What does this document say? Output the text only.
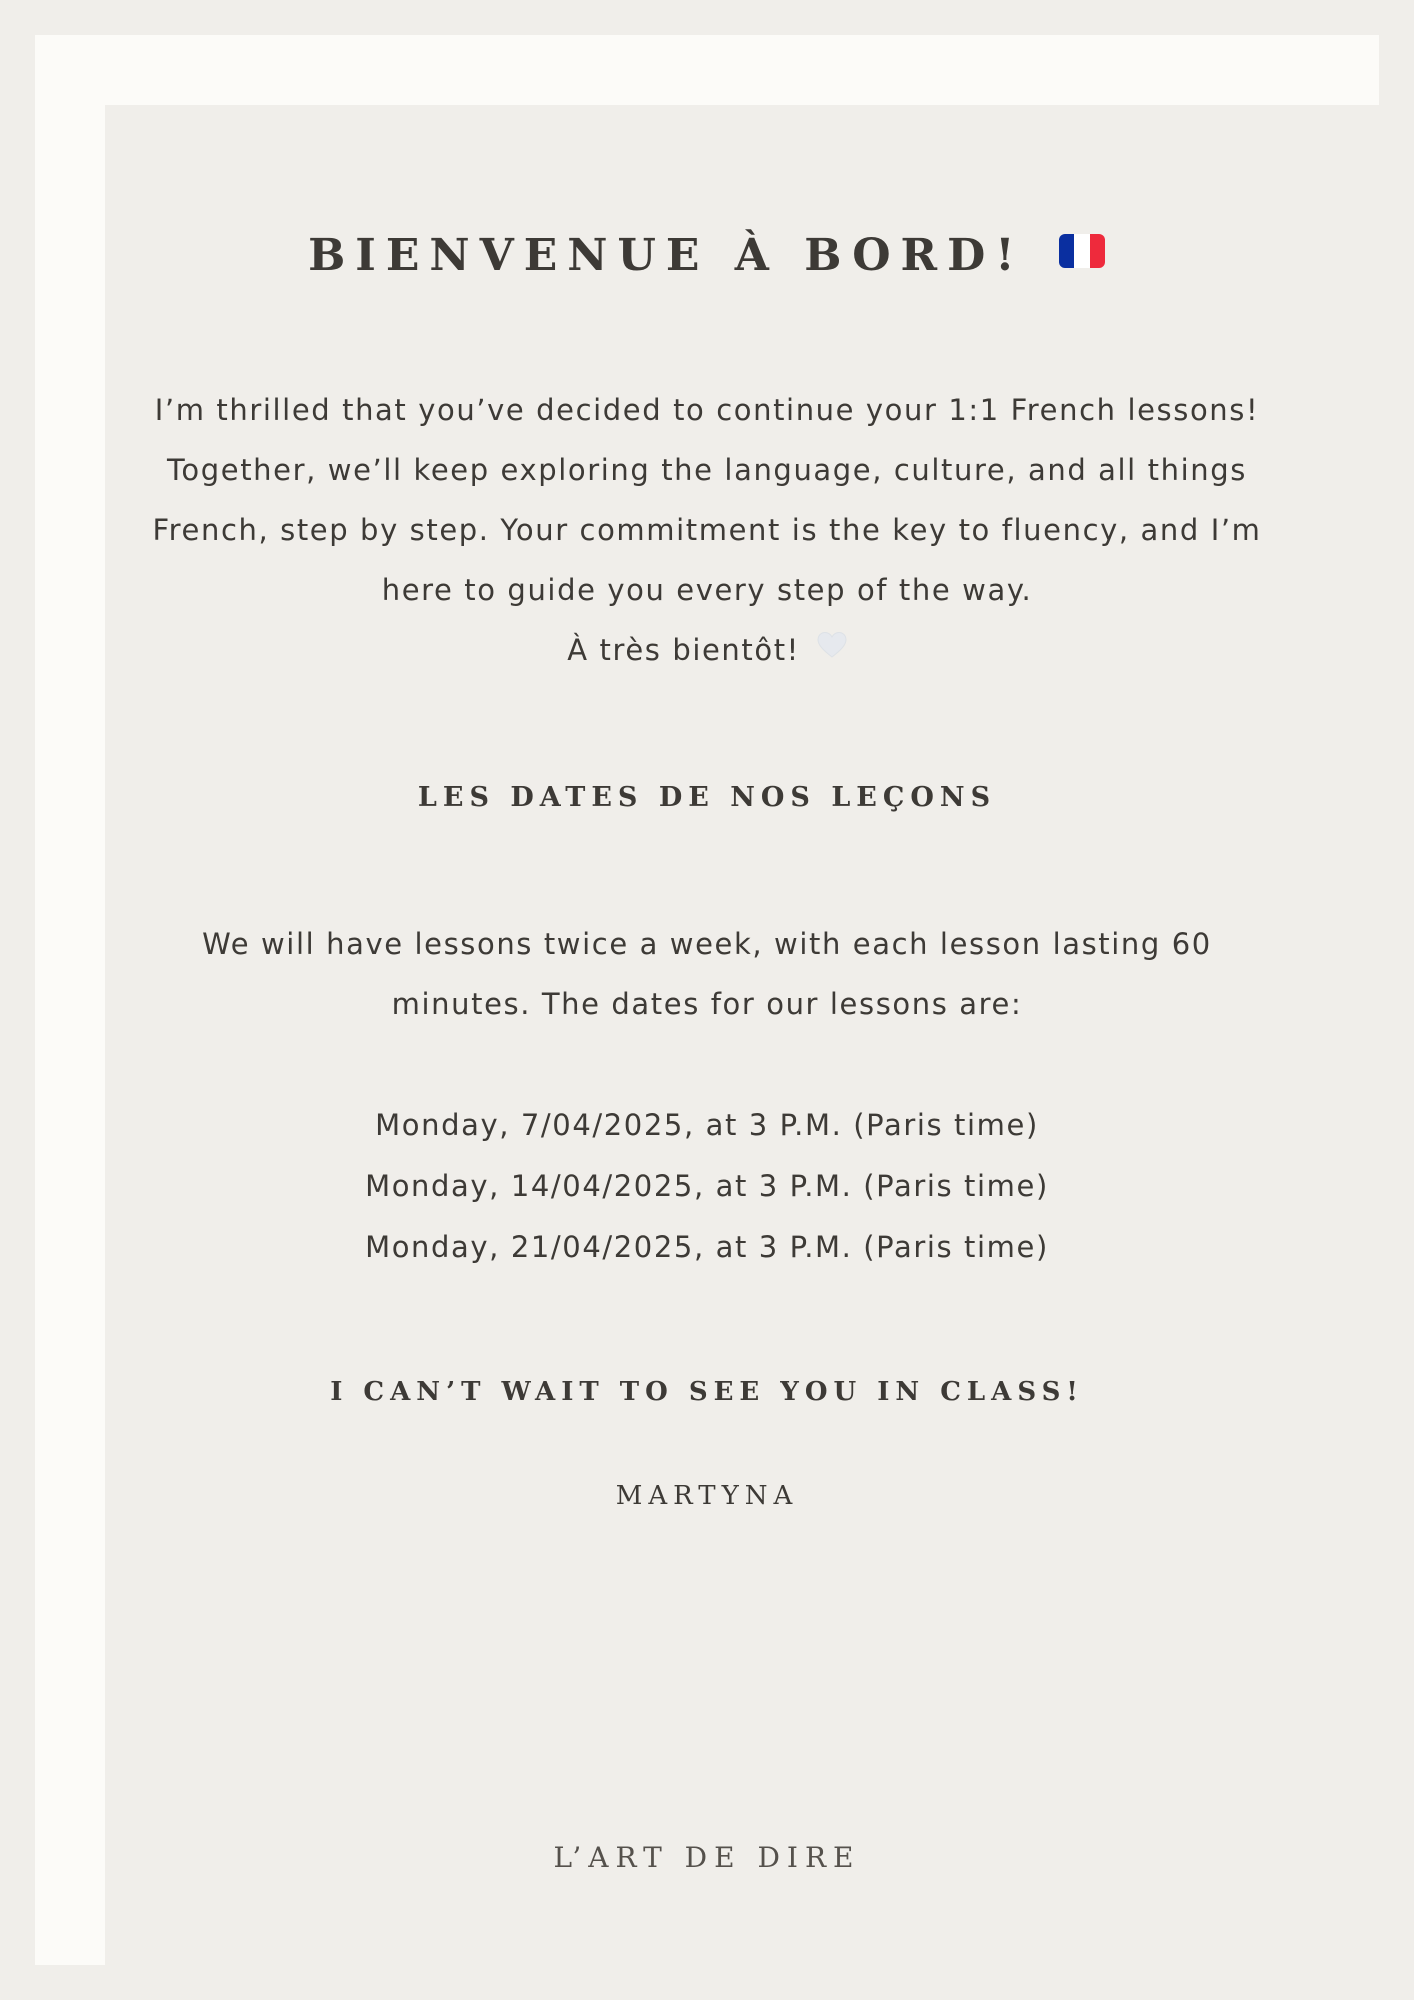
BIENVENUE À BORD!
I’m thrilled that you’ve decided to continue your 1:1 French lessons! Together, we’ll keep exploring the language, culture, and all things French, step by step. Your commitment is the key to fluency, and I’m here to guide you every step of the way.
À très bientôt!
LES DATES DE NOS LEÇONS
We will have lessons twice a week, with each lesson lasting 60 minutes. The dates for our lessons are:
Monday, 7/04/2025, at 3 P.M. (Paris time)
Monday, 14/04/2025, at 3 P.M. (Paris time)
Monday, 21/04/2025, at 3 P.M. (Paris time)
I CAN’T WAIT TO SEE YOU IN CLASS!
MARTYNA
L’ART DE DIRE
